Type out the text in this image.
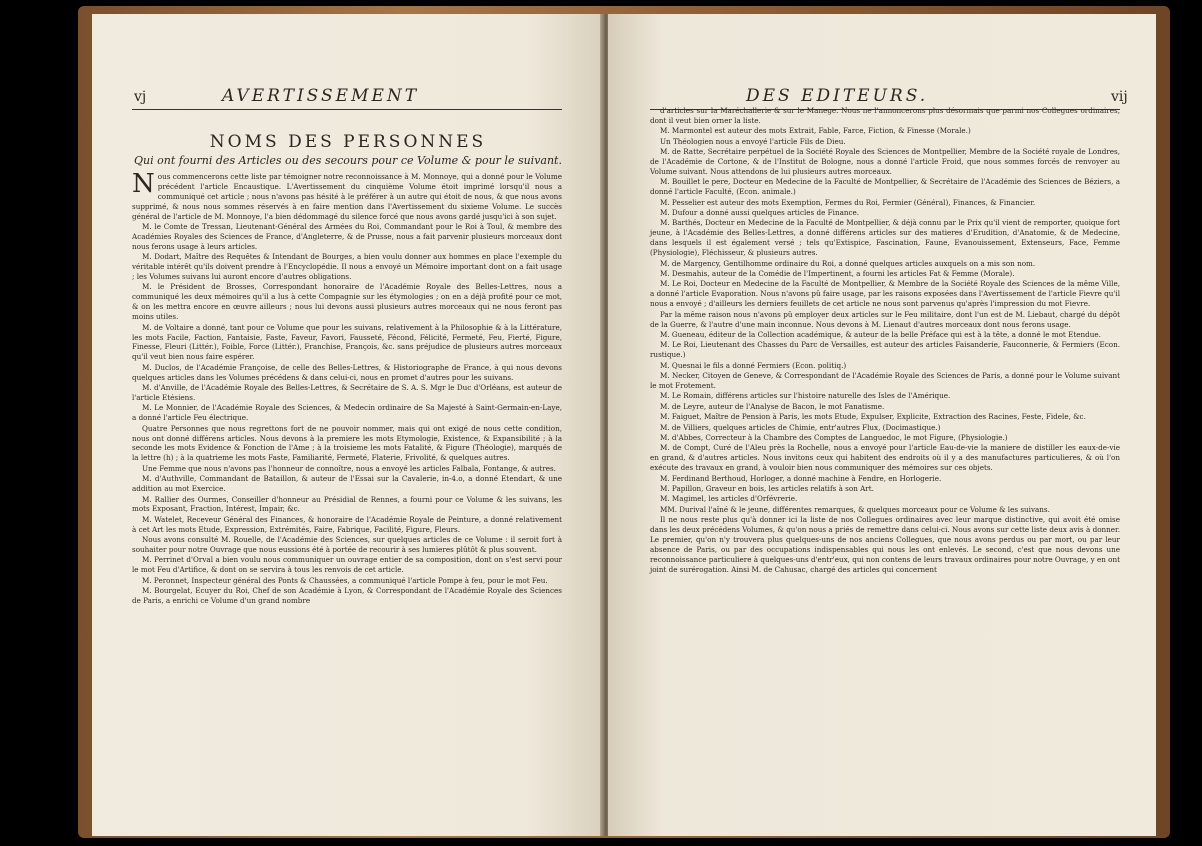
vj	AVERTISSEMENT
NOMS DES PERSONNES
Qui ont fourni des Articles ou des secours pour ce Volume & pour le suivant.

Nous commencerons cette liste par témoigner notre reconnoissance à M. Monnoye, qui a donné pour le Volume précédent l'article Encaustique. L'Avertissement du cinquième Volume étoit imprimé lorsqu'il nous a communiqué cet article ; nous n'avons pas hésité à le préférer à un autre qui étoit de nous, & que nous avons supprimé, & nous nous sommes réservés à en faire mention dans l'Avertissement du sixieme Volume. Le succès général de l'article de M. Monnoye, l'a bien dédommagé du silence forcé que nous avons gardé jusqu'ici à son sujet.

M. le Comte de Tressan, Lieutenant-Général des Armées du Roi, Commandant pour le Roi à Toul, & membre des Académies Royales des Sciences de France, d'Angleterre, & de Prusse, nous a fait parvenir plusieurs morceaux dont nous ferons usage à leurs articles.

M. Dodart, Maître des Requêtes & Intendant de Bourges, a bien voulu donner aux hommes en place l'exemple du véritable intérêt qu'ils doivent prendre à l'Encyclopédie. Il nous a envoyé un Mémoire important dont on a fait usage ; les Volumes suivans lui auront encore d'autres obligations.

M. le Président de Brosses, Correspondant honoraire de l'Académie Royale des Belles-Lettres, nous a communiqué les deux mémoires qu'il a lus à cette Compagnie sur les étymologies ; on en a déjà profité pour ce mot, & on les mettra encore en œuvre ailleurs ; nous lui devons aussi plusieurs autres morceaux qui ne nous feront pas moins utiles.

M. de Voltaire a donné, tant pour ce Volume que pour les suivans, relativement à la Philosophie & à la Littérature, les mots Facile, Faction, Fantaisie, Faste, Faveur, Favori, Fausseté, Fécond, Félicité, Fermeté, Feu, Fierté, Figure, Finesse, Fleuri (Littér.), Foible, Force (Littér.), Franchise, François, &c. sans préjudice de plusieurs autres morceaux qu'il veut bien nous faire espérer.

M. Duclos, de l'Académie Françoise, de celle des Belles-Lettres, & Historiographe de France, à qui nous devons quelques articles dans les Volumes précédens & dans celui-ci, nous en promet d'autres pour les suivans.

M. d'Anville, de l'Académie Royale des Belles-Lettres, & Secrétaire de S. A. S. Mgr le Duc d'Orléans, est auteur de l'article Etésiens.

M. Le Monnier, de l'Académie Royale des Sciences, & Medecin ordinaire de Sa Majesté à Saint-Germain-en-Laye, a donné l'article Feu électrique.

Quatre Personnes que nous regrettons fort de ne pouvoir nommer, mais qui ont exigé de nous cette condition, nous ont donné différens articles. Nous devons à la premiere les mots Etymologie, Existence, & Expansibilité ; à la seconde les mots Evidence & Fonction de l'Ame ; à la troisieme les mots Fatalité, & Figure (Théologie), marqués de la lettre (h) ; à la quatrieme les mots Faste, Familiarité, Fermeté, Flaterie, Frivolité, & quelques autres.

Une Femme que nous n'avons pas l'honneur de connoître, nous a envoyé les articles Falbala, Fontange, & autres.

M. d'Authville, Commandant de Bataillon, & auteur de l'Essai sur la Cavalerie, in-4.o, a donné Etendart, & une addition au mot Exercice.

M. Rallier des Ourmes, Conseiller d'honneur au Présidial de Rennes, a fourni pour ce Volume & les suivans, les mots Exposant, Fraction, Intérest, Impair, &c.

M. Watelet, Receveur Général des Finances, & honoraire de l'Académie Royale de Peinture, a donné relativement à cet Art les mots Etude, Expression, Extrémités, Faire, Fabrique, Facilité, Figure, Fleurs.

Nous avons consulté M. Rouelle, de l'Académie des Sciences, sur quelques articles de ce Volume : il seroit fort à souhaiter pour notre Ouvrage que nous eussions été à portée de recourir à ses lumieres plûtôt & plus souvent.

M. Perrinet d'Orval a bien voulu nous communiquer un ouvrage entier de sa composition, dont on s'est servi pour le mot Feu d'Artifice, & dont on se servira à tous les renvois de cet article.

M. Peronnet, Inspecteur général des Ponts & Chaussées, a communiqué l'article Pompe à feu, pour le mot Feu.

M. Bourgelat, Ecuyer du Roi, Chef de son Académie à Lyon, & Correspondant de l'Académie Royale des Sciences de Paris, a enrichi ce Volume d'un grand nombre

DES EDITEURS.	vij

d'articles sur la Maréchallerie & sur le Manege. Nous ne l'annoncerons plus désormais que parmi nos Collegues ordinaires, dont il veut bien orner la liste.

M. Marmontel est auteur des mots Extrait, Fable, Farce, Fiction, & Finesse (Morale.)

Un Théologien nous a envoyé l'article Fils de Dieu.

M. de Ratte, Secrétaire perpétuel de la Société Royale des Sciences de Montpellier, Membre de la Société royale de Londres, de l'Académie de Cortone, & de l'Institut de Bologne, nous a donné l'article Froid, que nous sommes forcés de renvoyer au Volume suivant. Nous attendons de lui plusieurs autres morceaux.

M. Bouillet le pere, Docteur en Medecine de la Faculté de Montpellier, & Secrétaire de l'Académie des Sciences de Béziers, a donné l'article Faculté, (Econ. animale.)

M. Pesselier est auteur des mots Exemption, Fermes du Roi, Fermier (Général), Finances, & Financier.

M. Dufour a donné aussi quelques articles de Finance.

M. Barthés, Docteur en Medecine de la Faculté de Montpellier, & déjà connu par le Prix qu'il vient de remporter, quoique fort jeune, à l'Académie des Belles-Lettres, a donné différens articles sur des matieres d'Erudition, d'Anatomie, & de Medecine, dans lesquels il est également versé ; tels qu'Extispice, Fascination, Faune, Evanouissement, Extenseurs, Face, Femme (Physiologie), Fléchisseur, & plusieurs autres.

M. de Margency, Gentilhomme ordinaire du Roi, a donné quelques articles auxquels on a mis son nom.

M. Desmahis, auteur de la Comédie de l'Impertinent, a fourni les articles Fat & Femme (Morale).

M. Le Roi, Docteur en Medecine de la Faculté de Montpellier, & Membre de la Société Royale des Sciences de la même Ville, a donné l'article Evaporation. Nous n'avons pû faire usage, par les raisons exposées dans l'Avertissement de l'article Fievre qu'il nous a envoyé ; d'ailleurs les derniers feuillets de cet article ne nous sont parvenus qu'après l'impression du mot Fievre.

Par la même raison nous n'avons pû employer deux articles sur le Feu militaire, dont l'un est de M. Liebaut, chargé du dépôt de la Guerre, & l'autre d'une main inconnue. Nous devons à M. Lienaut d'autres morceaux dont nous ferons usage.

M. Gueneau, éditeur de la Collection académique, & auteur de la belle Préface qui est à la tête, a donné le mot Etendue.

M. Le Roi, Lieutenant des Chasses du Parc de Versailles, est auteur des articles Faisanderie, Fauconnerie, & Fermiers (Econ. rustique.)

M. Quesnai le fils a donné Fermiers (Econ. politiq.)

M. Necker, Citoyen de Geneve, & Correspondant de l'Académie Royale des Sciences de Paris, a donné pour le Volume suivant le mot Frotement.

M. Le Romain, différens articles sur l'histoire naturelle des Isles de l'Amérique.

M. de Leyre, auteur de l'Analyse de Bacon, le mot Fanatisme.

M. Faiguet, Maître de Pension à Paris, les mots Etude, Expulser, Explicite, Extraction des Racines, Feste, Fidele, &c.

M. de Villiers, quelques articles de Chimie, entr'autres Flux, (Docimastique.)

M. d'Abbes, Correcteur à la Chambre des Comptes de Languedoc, le mot Figure, (Physiologie.)

M. de Compt, Curé de l'Aleu près la Rochelle, nous a envoyé pour l'article Eau-de-vie la maniere de distiller les eaux-de-vie en grand, & d'autres articles. Nous invitons ceux qui habitent des endroits où il y a des manufactures particulieres, & où l'on exécute des travaux en grand, à vouloir bien nous communiquer des mémoires sur ces objets.

M. Ferdinand Berthoud, Horloger, a donné machine à Fendre, en Horlogerie.

M. Papillon, Graveur en bois, les articles relatifs à son Art.

M. Magimel, les articles d'Orfévrerie.

MM. Durival l'aîné & le jeune, différentes remarques, & quelques morceaux pour ce Volume & les suivans.

Il ne nous reste plus qu'à donner ici la liste de nos Collegues ordinaires avec leur marque distinctive, qui avoit été omise dans les deux précédens Volumes, & qu'on nous a priés de remettre dans celui-ci. Nous avons sur cette liste deux avis à donner. Le premier, qu'on n'y trouvera plus quelques-uns de nos anciens Collegues, que nous avons perdus ou par mort, ou par leur absence de Paris, ou par des occupations indispensables qui nous les ont enlevés. Le second, c'est que nous devons une reconnoissance particuliere à quelques-uns d'entr'eux, qui non contens de leurs travaux ordinaires pour notre Ouvrage, y en ont joint de surérogation. Ainsi M. de Cahusac, chargé des articles qui concernent
